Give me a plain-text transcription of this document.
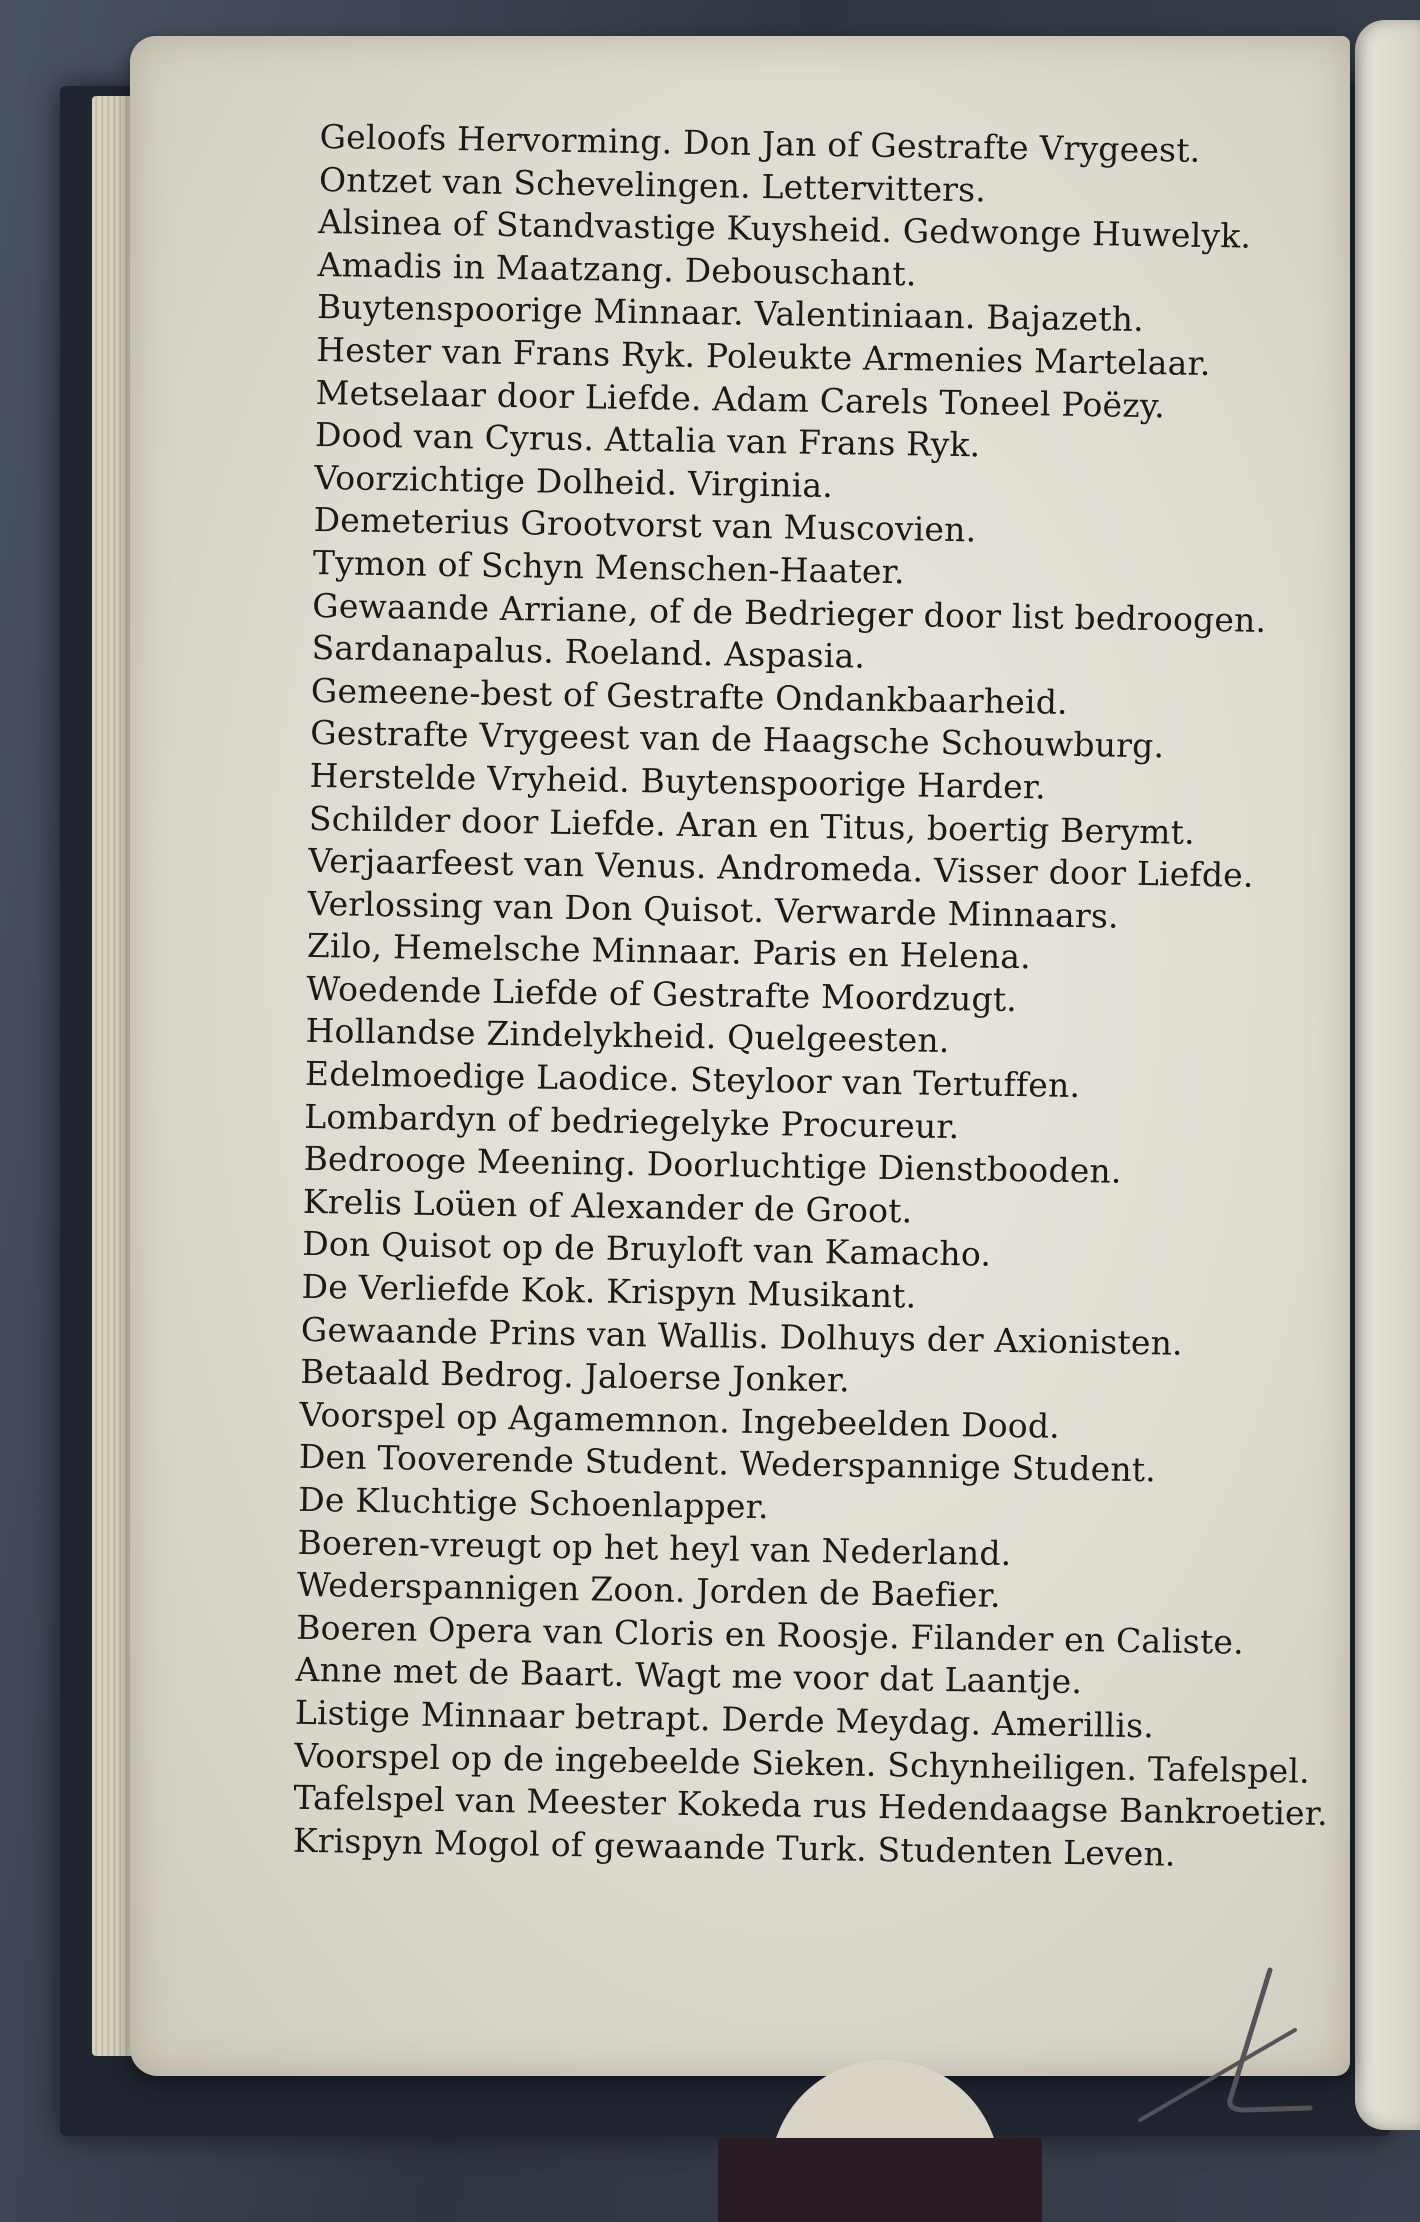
Geloofs Hervorming. Don Jan of Gestrafte Vrygeest.
Ontzet van Schevelingen. Lettervitters.
Alsinea of Standvastige Kuysheid. Gedwonge Huwelyk.
Amadis in Maatzang. Debouschant.
Buytenspoorige Minnaar. Valentiniaan. Bajazeth.
Hester van Frans Ryk. Poleukte Armenies Martelaar.
Metselaar door Liefde. Adam Carels Toneel Poëzy.
Dood van Cyrus. Attalia van Frans Ryk.
Voorzichtige Dolheid. Virginia.
Demeterius Grootvorst van Muscovien.
Tymon of Schyn Menschen-Haater.
Gewaande Arriane, of de Bedrieger door list bedroogen.
Sardanapalus. Roeland. Aspasia.
Gemeene-best of Gestrafte Ondankbaarheid.
Gestrafte Vrygeest van de Haagsche Schouwburg.
Herstelde Vryheid. Buytenspoorige Harder.
Schilder door Liefde. Aran en Titus, boertig Berymt.
Verjaarfeest van Venus. Andromeda. Visser door Liefde.
Verlossing van Don Quisot. Verwarde Minnaars.
Zilo, Hemelsche Minnaar. Paris en Helena.
Woedende Liefde of Gestrafte Moordzugt.
Hollandse Zindelykheid. Quelgeesten.
Edelmoedige Laodice. Steyloor van Tertuffen.
Lombardyn of bedriegelyke Procureur.
Bedrooge Meening. Doorluchtige Dienstbooden.
Krelis Loüen of Alexander de Groot.
Don Quisot op de Bruyloft van Kamacho.
De Verliefde Kok. Krispyn Musikant.
Gewaande Prins van Wallis. Dolhuys der Axionisten.
Betaald Bedrog. Jaloerse Jonker.
Voorspel op Agamemnon. Ingebeelden Dood.
Den Tooverende Student. Wederspannige Student.
De Kluchtige Schoenlapper.
Boeren-vreugt op het heyl van Nederland.
Wederspannigen Zoon. Jorden de Baefier.
Boeren Opera van Cloris en Roosje. Filander en Caliste.
Anne met de Baart. Wagt me voor dat Laantje.
Listige Minnaar betrapt. Derde Meydag. Amerillis.
Voorspel op de ingebeelde Sieken. Schynheiligen. Tafelspel.
Tafelspel van Meester Kokeda rus Hedendaagse Bankroetier.
Krispyn Mogol of gewaande Turk. Studenten Leven.
